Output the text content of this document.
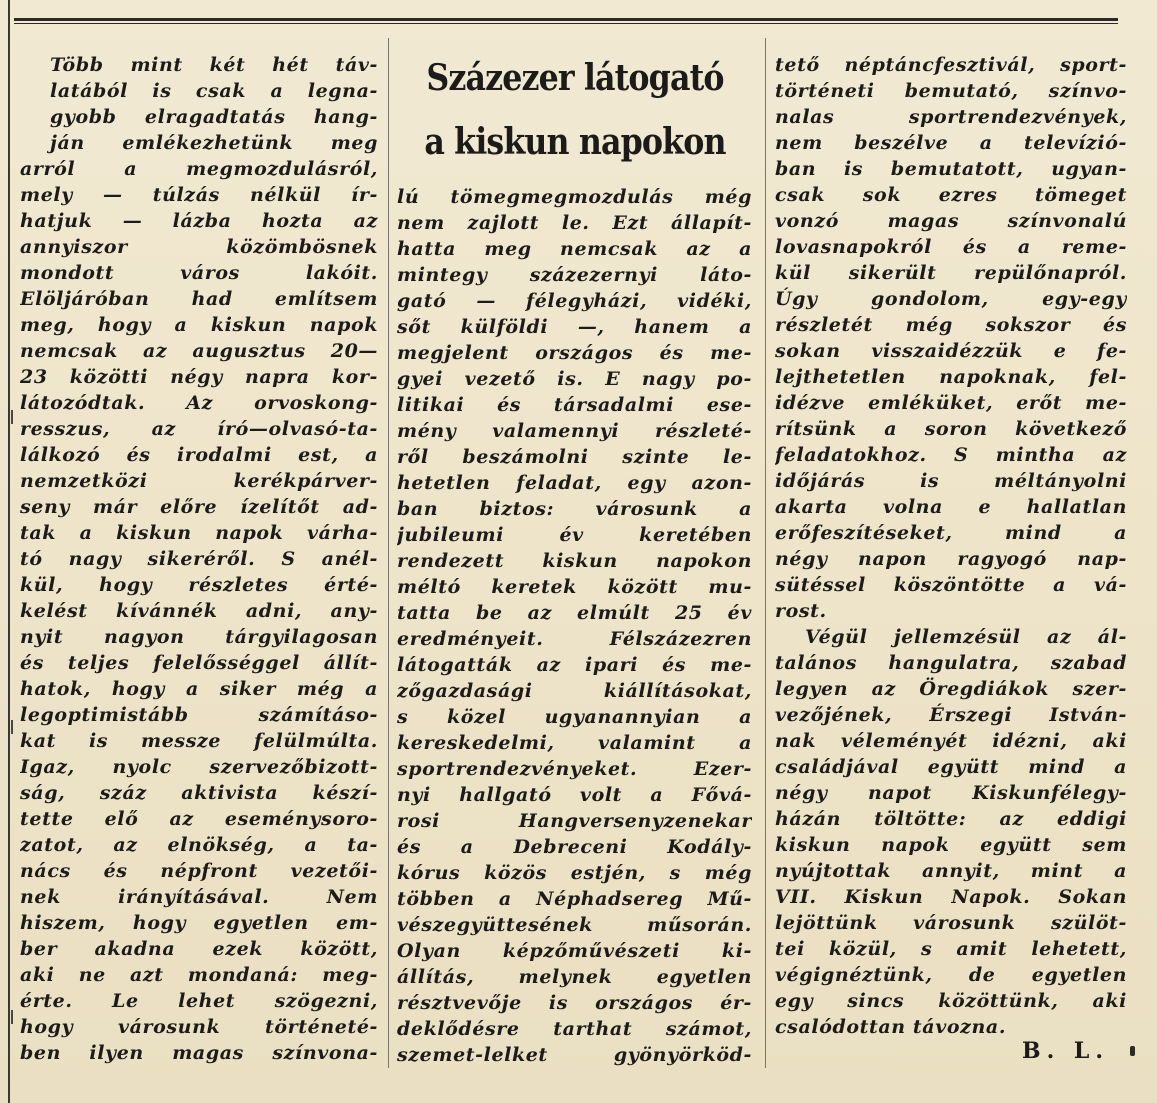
Százezer látogató
a kiskun napokon
Több mint két hét táv-
latából is csak a legna-
gyobb elragadtatás hang-
ján emlékezhetünk meg
arról a megmozdulásról,
mely — túlzás nélkül ír-
hatjuk — lázba hozta az
annyiszor közömbösnek
mondott város lakóit.
Elöljáróban had említsem
meg, hogy a kiskun napok
nemcsak az augusztus 20—
23 közötti négy napra kor-
látozódtak. Az orvoskong-
resszus, az író—olvasó-ta-
lálkozó és irodalmi est, a
nemzetközi kerékpárver-
seny már előre ízelítőt ad-
tak a kiskun napok várha-
tó nagy sikeréről. S anél-
kül, hogy részletes érté-
kelést kívánnék adni, any-
nyit nagyon tárgyilagosan
és teljes felelősséggel állít-
hatok, hogy a siker még a
legoptimistább számításo-
kat is messze felülmúlta.
Igaz, nyolc szervezőbizott-
ság, száz aktivista készí-
tette elő az eseménysoro-
zatot, az elnökség, a ta-
nács és népfront vezetői-
nek irányításával. Nem
hiszem, hogy egyetlen em-
ber akadna ezek között,
aki ne azt mondaná: meg-
érte. Le lehet szögezni,
hogy városunk történeté-
ben ilyen magas színvona-
lú tömegmegmozdulás még
nem zajlott le. Ezt állapít-
hatta meg nemcsak az a
mintegy százezernyi láto-
gató — félegyházi, vidéki,
sőt külföldi —, hanem a
megjelent országos és me-
gyei vezető is. E nagy po-
litikai és társadalmi ese-
mény valamennyi részleté-
ről beszámolni szinte le-
hetetlen feladat, egy azon-
ban biztos: városunk a
jubileumi év keretében
rendezett kiskun napokon
méltó keretek között mu-
tatta be az elmúlt 25 év
eredményeit. Félszázezren
látogatták az ipari és me-
zőgazdasági kiállításokat,
s közel ugyanannyian a
kereskedelmi, valamint a
sportrendezvényeket. Ezer-
nyi hallgató volt a Fővá-
rosi Hangversenyzenekar
és a Debreceni Kodály-
kórus közös estjén, s még
többen a Néphadsereg Mű-
vészegyüttesének műsorán.
Olyan képzőművészeti ki-
állítás, melynek egyetlen
résztvevője is országos ér-
deklődésre tarthat számot,
szemet-lelket gyönyörköd-
tető néptáncfesztivál, sport-
történeti bemutató, színvo-
nalas sportrendezvények,
nem beszélve a televízió-
ban is bemutatott, ugyan-
csak sok ezres tömeget
vonzó magas színvonalú
lovasnapokról és a reme-
kül sikerült repülőnapról.
Úgy gondolom, egy-egy
részletét még sokszor és
sokan visszaidézzük e fe-
lejthetetlen napoknak, fel-
idézve emléküket, erőt me-
rítsünk a soron következő
feladatokhoz. S mintha az
időjárás is méltányolni
akarta volna e hallatlan
erőfeszítéseket, mind a
négy napon ragyogó nap-
sütéssel köszöntötte a vá-
rost.
Végül jellemzésül az ál-
talános hangulatra, szabad
legyen az Öregdiákok szer-
vezőjének, Érszegi István-
nak véleményét idézni, aki
családjával együtt mind a
négy napot Kiskunfélegy-
házán töltötte: az eddigi
kiskun napok együtt sem
nyújtottak annyit, mint a
VII. Kiskun Napok. Sokan
lejöttünk városunk szülöt-
tei közül, s amit lehetett,
végignéztünk, de egyetlen
egy sincs közöttünk, aki
csalódottan távozna.
B. L.
